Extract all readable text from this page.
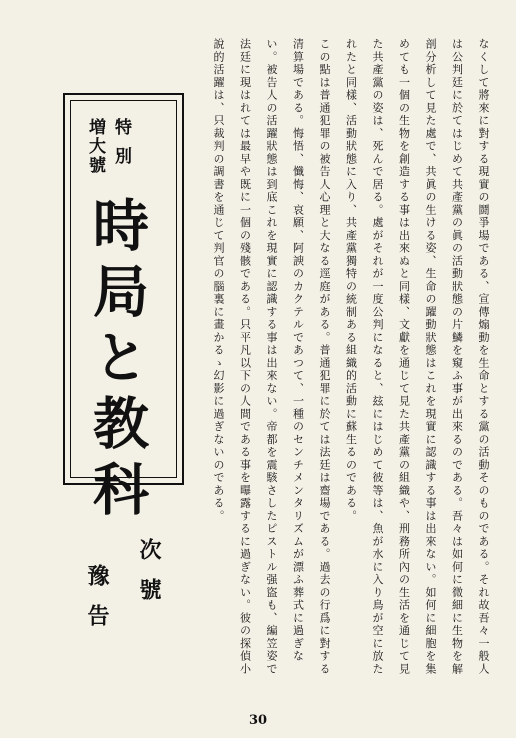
特別
増大號
時局と教科
次號
豫告	なくして將來に對する現實の鬪爭場である、宣傳煽動を生命とする黨の活動そのものである。それ故吾々一般人は公判廷に於てはじめて共產黨の眞の活動狀態の片鱗を窺ふ事が出來るのである。吾々は如何に微細に生物を解剖分析して見た處で、共眞の生ける姿、生命の躍動狀態はこれを現實に認識する事は出來ない。如何に細胞を集めても一個の生物を創造する事は出來ぬと同樣、文獻を通じて見た共產黨の組織や、刑務所內の生活を通じて見た共產黨の姿は、死んで居る。處がそれが一度公判になると、玆にはじめて彼等は、魚が水に入り鳥が空に放たれたと同樣、活動狀態に入り、共產黨獨特の統制ある組織的活動に蘇生るのである。

この點は普通犯罪の被告人心理と大なる逕庭がある。普通犯罪に於ては法廷は齋場である。過去の行爲に對する清算場である。悔悟、懺悔、哀願、阿諛のカクテルであつて、一種のセンチメンタリズムが漂ふ葬式に過ぎない。被告人の活躍狀態は到底これを現實に認識する事は出來ない。帝都を震駭さしたピストル强盜も、編笠姿で法廷に現はれては最早や既に一個の殘骸である。只平凡以下の人間である事を曝露するに過ぎない。彼の探偵小說的活躍は、只裁判の調書を通じて判官の腦裏に畫かるゝ幻影に過ぎないのである。

30
